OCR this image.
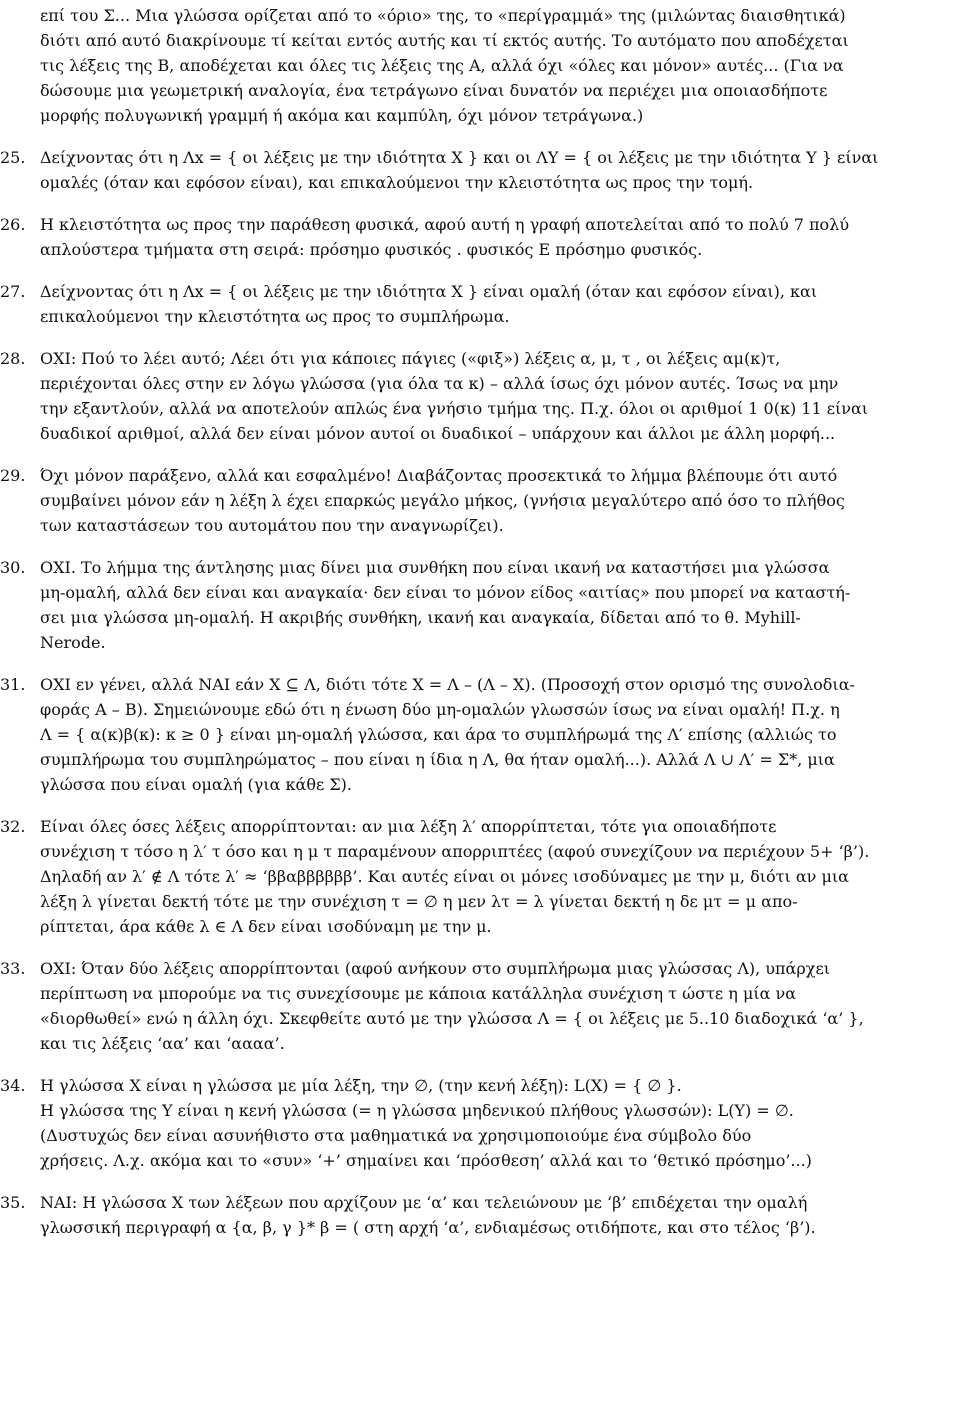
επί του Σ... Μια γλώσσα ορίζεται από το «όριο» της, το «περίγραμμά» της (μιλώντας διαισθητικά)
διότι από αυτό διακρίνουμε τί κείται εντός αυτής και τί εκτός αυτής. Το αυτόματο που αποδέχεται
τις λέξεις της Β, αποδέχεται και όλες τις λέξεις της Α, αλλά όχι «όλες και μόνον» αυτές... (Για να
δώσουμε μια γεωμετρική αναλογία, ένα τετράγωνο είναι δυνατόν να περιέχει μια οποιασδήποτε
μορφής πολυγωνική γραμμή ή ακόμα και καμπύλη, όχι μόνον τετράγωνα.)
25. Δείχνοντας ότι η Λx = { οι λέξεις με την ιδιότητα Χ } και οι ΛΥ = { οι λέξεις με την ιδιότητα Υ } είναι
ομαλές (όταν και εφόσον είναι), και επικαλούμενοι την κλειστότητα ως προς την τομή.
26. Η κλειστότητα ως προς την παράθεση φυσικά, αφού αυτή η γραφή αποτελείται από το πολύ 7 πολύ
απλούστερα τμήματα στη σειρά: πρόσημο φυσικός . φυσικός Ε πρόσημο φυσικός.
27. Δείχνοντας ότι η Λx = { οι λέξεις με την ιδιότητα Χ } είναι ομαλή (όταν και εφόσον είναι), και
επικαλούμενοι την κλειστότητα ως προς το συμπλήρωμα.
28. ΟΧΙ: Πού το λέει αυτό; Λέει ότι για κάποιες πάγιες («φιξ») λέξεις α, μ, τ , οι λέξεις αμ(κ)τ,
περιέχονται όλες στην εν λόγω γλώσσα (για όλα τα κ) – αλλά ίσως όχι μόνον αυτές. Ίσως να μην
την εξαντλούν, αλλά να αποτελούν απλώς ένα γνήσιο τμήμα της. Π.χ. όλοι οι αριθμοί 1 0(κ) 11 είναι
δυαδικοί αριθμοί, αλλά δεν είναι μόνον αυτοί οι δυαδικοί – υπάρχουν και άλλοι με άλλη μορφή...
29. Όχι μόνον παράξενο, αλλά και εσφαλμένο! Διαβάζοντας προσεκτικά το λήμμα βλέπουμε ότι αυτό
συμβαίνει μόνον εάν η λέξη λ έχει επαρκώς μεγάλο μήκος, (γνήσια μεγαλύτερο από όσο το πλήθος
των καταστάσεων του αυτομάτου που την αναγνωρίζει).
30. ΟΧΙ. Το λήμμα της άντλησης μιας δίνει μια συνθήκη που είναι ικανή να καταστήσει μια γλώσσα
μη-ομαλή, αλλά δεν είναι και αναγκαία· δεν είναι το μόνον είδος «αιτίας» που μπορεί να καταστή-
σει μια γλώσσα μη-ομαλή. Η ακριβής συνθήκη, ικανή και αναγκαία, δίδεται από το θ. Myhill-
Nerode.
31. ΟΧΙ εν γένει, αλλά ΝΑΙ εάν Χ ⊆ Λ, διότι τότε Χ = Λ – (Λ – Χ). (Προσοχή στον ορισμό της συνολοδια-
φοράς Α – Β). Σημειώνουμε εδώ ότι η ένωση δύο μη-ομαλών γλωσσών ίσως να είναι ομαλή! Π.χ. η
Λ = { α(κ)β(κ): κ ≥ 0 } είναι μη-ομαλή γλώσσα, και άρα το συμπλήρωμά της Λ′ επίσης (αλλιώς το
συμπλήρωμα του συμπληρώματος – που είναι η ίδια η Λ, θα ήταν ομαλή...). Αλλά Λ ∪ Λ′ = Σ*, μια
γλώσσα που είναι ομαλή (για κάθε Σ).
32. Είναι όλες όσες λέξεις απορρίπτονται: αν μια λέξη λ′ απορρίπτεται, τότε για οποιαδήποτε
συνέχιση τ τόσο η λ′ τ όσο και η μ τ παραμένουν απορριπτέες (αφού συνεχίζουν να περιέχουν 5+ ‘β’).
Δηλαδή αν λ′ ∉ Λ τότε λ′ ≈ ‘ββαββββββ’. Και αυτές είναι οι μόνες ισοδύναμες με την μ, διότι αν μια
λέξη λ γίνεται δεκτή τότε με την συνέχιση τ = ∅ η μεν λτ = λ γίνεται δεκτή η δε μτ = μ απο-
ρίπτεται, άρα κάθε λ ∈ Λ δεν είναι ισοδύναμη με την μ.
33. ΟΧΙ: Όταν δύο λέξεις απορρίπτονται (αφού ανήκουν στο συμπλήρωμα μιας γλώσσας Λ), υπάρχει
περίπτωση να μπορούμε να τις συνεχίσουμε με κάποια κατάλληλα συνέχιση τ ώστε η μία να
«διορθωθεί» ενώ η άλλη όχι. Σκεφθείτε αυτό με την γλώσσα Λ = { οι λέξεις με 5..10 διαδοχικά ‘α’ },
και τις λέξεις ‘αα’ και ‘αααα’.
34. Η γλώσσα Χ είναι η γλώσσα με μία λέξη, την ∅, (την κενή λέξη): L(X) = { ∅ }.
Η γλώσσα της Υ είναι η κενή γλώσσα (= η γλώσσα μηδενικού πλήθους γλωσσών): L(Y) = ∅.
(Δυστυχώς δεν είναι ασυνήθιστο στα μαθηματικά να χρησιμοποιούμε ένα σύμβολο δύο
χρήσεις. Λ.χ. ακόμα και το «συν» ‘+’ σημαίνει και ‘πρόσθεση’ αλλά και το ‘θετικό πρόσημο’...)
35. ΝΑΙ: Η γλώσσα Χ των λέξεων που αρχίζουν με ‘α’ και τελειώνουν με ‘β’ επιδέχεται την ομαλή
γλωσσική περιγραφή α {α, β, γ }* β = ( στη αρχή ‘α’, ενδιαμέσως οτιδήποτε, και στο τέλος ‘β’).
